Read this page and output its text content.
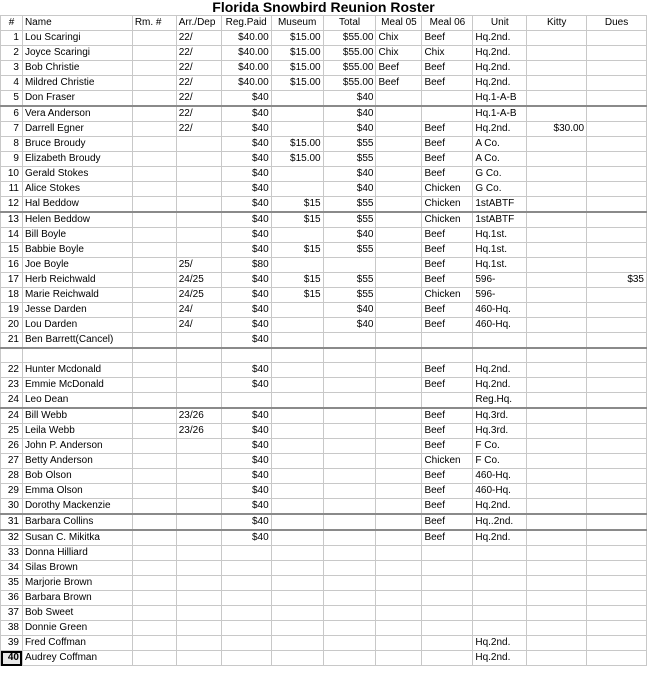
Florida Snowbird Reunion Roster
#	Name	Rm. #	Arr./Dep	Reg.Paid	Museum	Total	Meal 05	Meal 06	Unit	Kitty	Dues
1	Lou Scaringi		22/	$40.00	$15.00	$55.00	Chix	Beef	Hq.2nd.		
2	Joyce Scaringi		22/	$40.00	$15.00	$55.00	Chix	Chix	Hq.2nd.		
3	Bob Christie		22/	$40.00	$15.00	$55.00	Beef	Beef	Hq.2nd.		
4	Mildred Christie		22/	$40.00	$15.00	$55.00	Beef	Beef	Hq.2nd.		
5	Don Fraser		22/	$40		$40			Hq.1-A-B		
6	Vera Anderson		22/	$40		$40			Hq.1-A-B		
7	Darrell Egner		22/	$40		$40		Beef	Hq.2nd.	$30.00	
8	Bruce Broudy			$40	$15.00	$55		Beef	A Co.		
9	Elizabeth Broudy			$40	$15.00	$55		Beef	A Co.		
10	Gerald Stokes			$40		$40		Beef	G Co.		
11	Alice Stokes			$40		$40		Chicken	G Co.		
12	Hal Beddow			$40	$15	$55		Chicken	1stABTF		
13	Helen Beddow			$40	$15	$55		Chicken	1stABTF		
14	Bill Boyle			$40		$40		Beef	Hq.1st.		
15	Babbie Boyle			$40	$15	$55		Beef	Hq.1st.		
16	Joe Boyle		25/	$80				Beef	Hq.1st.		
17	Herb Reichwald		24/25	$40	$15	$55		Beef	596-		$35
18	Marie Reichwald		24/25	$40	$15	$55		Chicken	596-		
19	Jesse Darden		24/	$40		$40		Beef	460-Hq.		
20	Lou Darden		24/	$40		$40		Beef	460-Hq.		
21	Ben Barrett(Cancel)			$40							

22	Hunter Mcdonald			$40				Beef	Hq.2nd.		
23	Emmie McDonald			$40				Beef	Hq.2nd.		
24	Leo Dean								Reg.Hq.		
24	Bill Webb		23/26	$40				Beef	Hq.3rd.		
25	Leila Webb		23/26	$40				Beef	Hq.3rd.		
26	John P. Anderson			$40				Beef	F Co.		
27	Betty Anderson			$40				Chicken	F Co.		
28	Bob Olson			$40				Beef	460-Hq.		
29	Emma Olson			$40				Beef	460-Hq.		
30	Dorothy Mackenzie			$40				Beef	Hq.2nd.		
31	Barbara Collins			$40				Beef	Hq..2nd.		
32	Susan C. Mikitka			$40				Beef	Hq.2nd.		
33	Donna Hilliard										
34	Silas Brown										
35	Marjorie Brown										
36	Barbara Brown										
37	Bob Sweet										
38	Donnie Green										
39	Fred Coffman								Hq.2nd.		
40	Audrey Coffman								Hq.2nd.		
